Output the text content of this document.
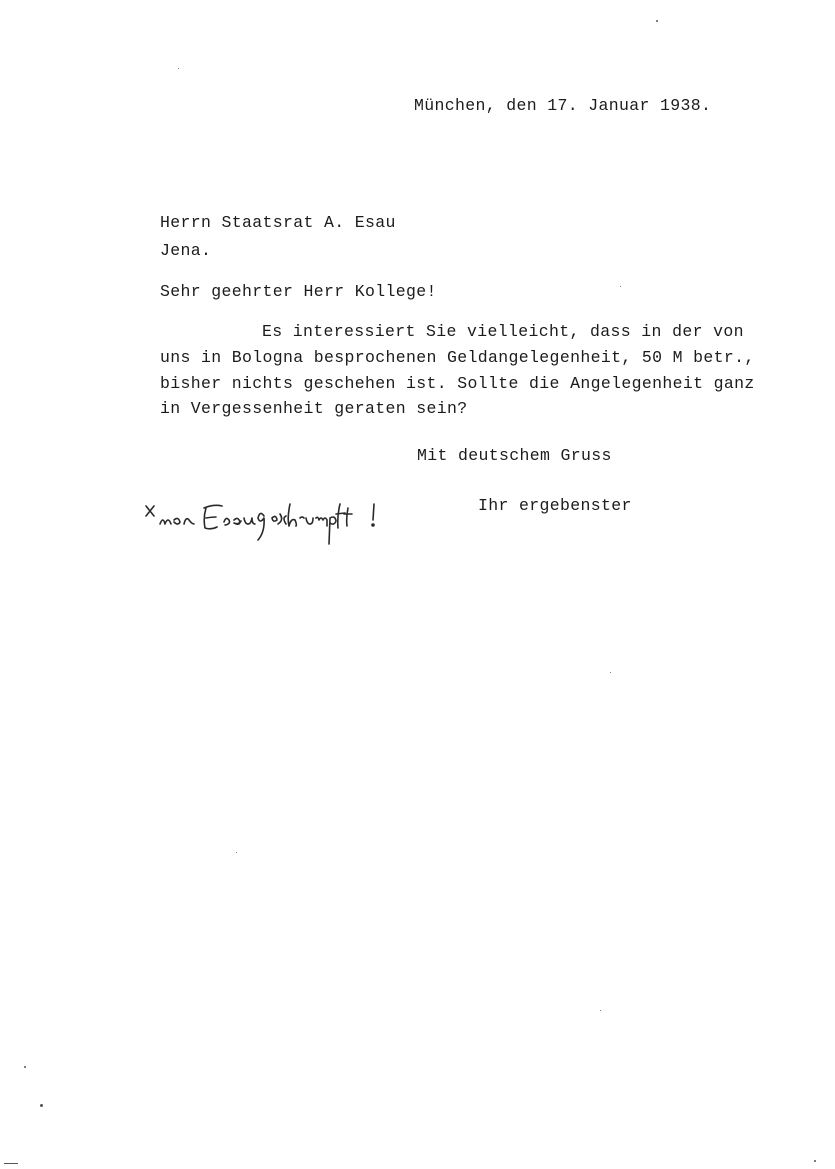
München, den 17. Januar 1938.
Herrn Staatsrat A. Esau
Jena.
Sehr geehrter Herr Kollege!
Es interessiert Sie vielleicht, dass in der von
uns in Bologna besprochenen Geldangelegenheit, 50 M betr.,
bisher nichts geschehen ist. Sollte die Angelegenheit ganz
in Vergessenheit geraten sein?
Mit deutschem Gruss
Ihr ergebenster
